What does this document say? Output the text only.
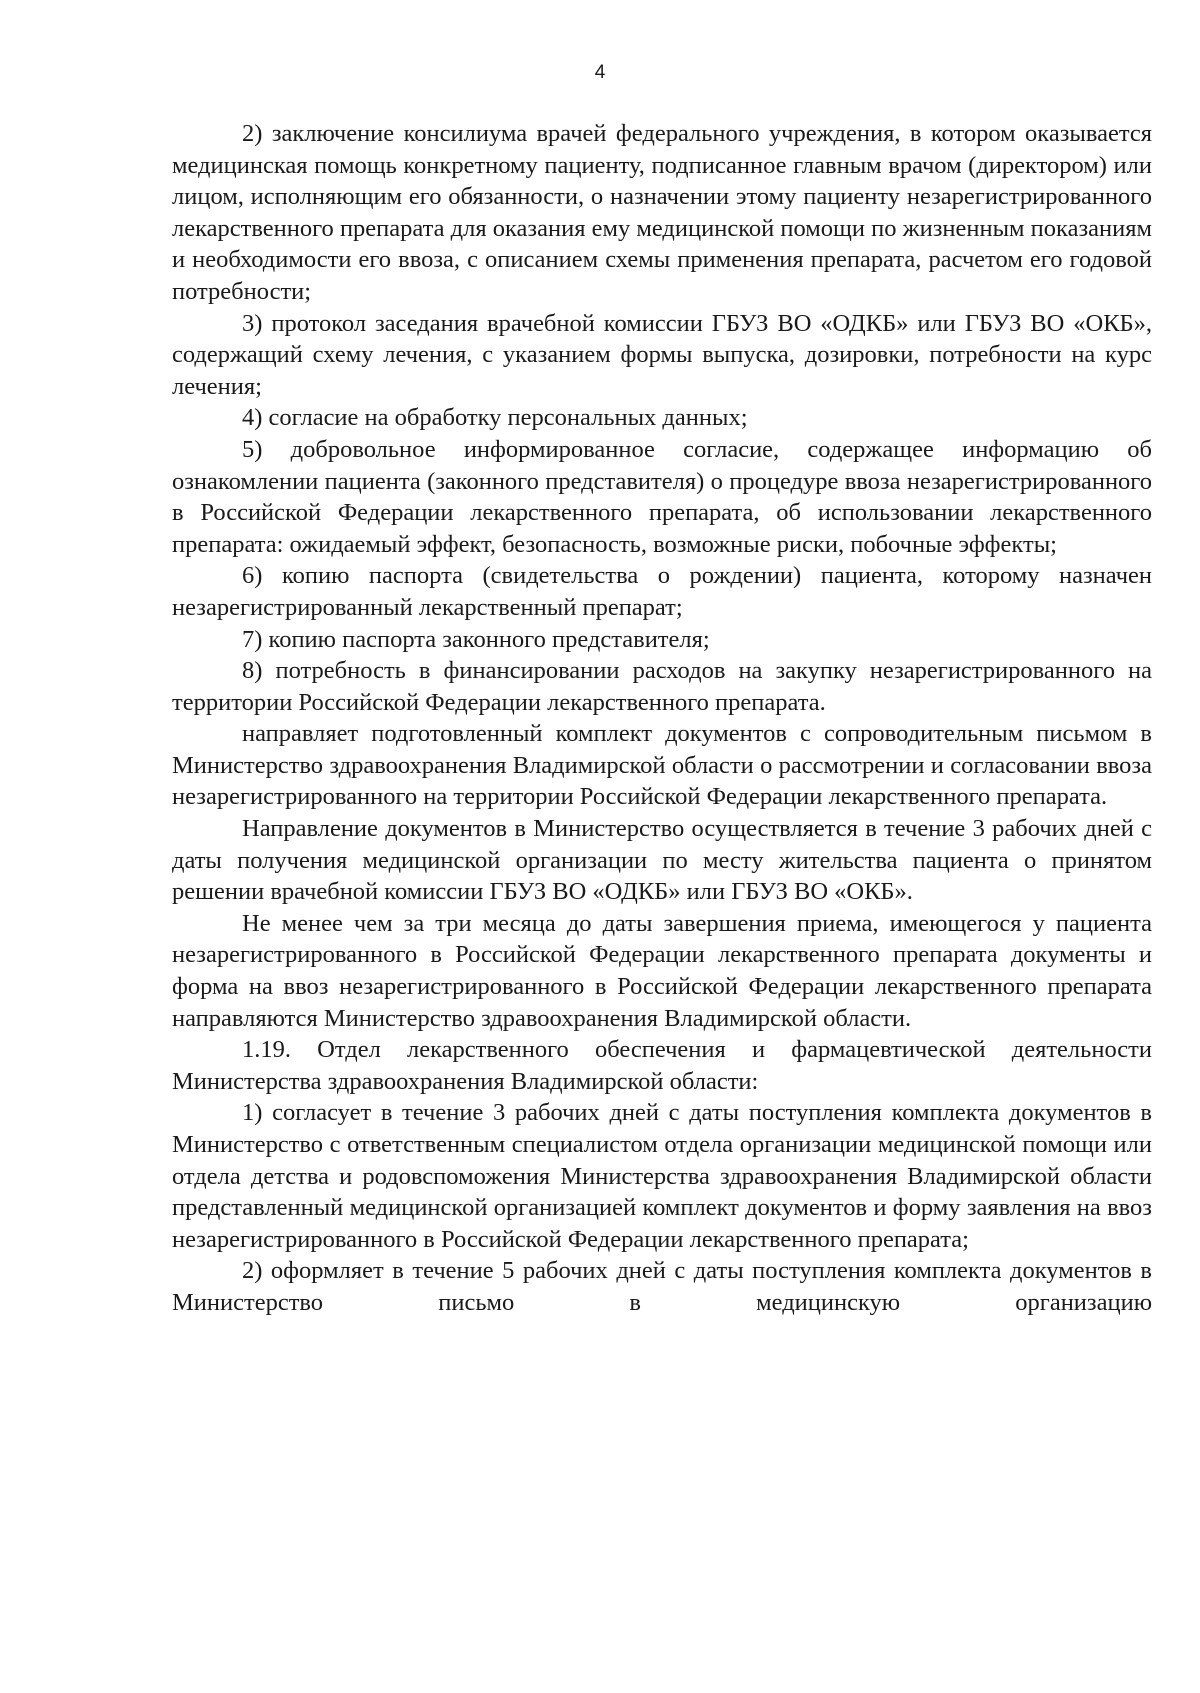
4

2) заключение консилиума врачей федерального учреждения, в котором оказывается медицинская помощь конкретному пациенту, подписанное главным врачом (директором) или лицом, исполняющим его обязанности, о назначении этому пациенту незарегистрированного лекарственного препарата для оказания ему медицинской помощи по жизненным показаниям и необходимости его ввоза, с описанием схемы применения препарата, расчетом его годовой потребности;

3) протокол заседания врачебной комиссии ГБУЗ ВО «ОДКБ» или ГБУЗ ВО «ОКБ», содержащий схему лечения, с указанием формы выпуска, дозировки, потребности на курс лечения;

4) согласие на обработку персональных данных;

5) добровольное информированное согласие, содержащее информацию об ознакомлении пациента (законного представителя) о процедуре ввоза незарегистрированного в Российской Федерации лекарственного препарата, об использовании лекарственного препарата: ожидаемый эффект, безопасность, возможные риски, побочные эффекты;

6) копию паспорта (свидетельства о рождении) пациента, которому назначен незарегистрированный лекарственный препарат;

7) копию паспорта законного представителя;

8) потребность в финансировании расходов на закупку незарегистрированного на территории Российской Федерации лекарственного препарата.

направляет подготовленный комплект документов с сопроводительным письмом в Министерство здравоохранения Владимирской области о рассмотрении и согласовании ввоза незарегистрированного на территории Российской Федерации лекарственного препарата.

Направление документов в Министерство осуществляется в течение 3 рабочих дней с даты получения медицинской организации по месту жительства пациента о принятом решении врачебной комиссии ГБУЗ ВО «ОДКБ» или ГБУЗ ВО «ОКБ».

Не менее чем за три месяца до даты завершения приема, имеющегося у пациента незарегистрированного в Российской Федерации лекарственного препарата документы и форма на ввоз незарегистрированного в Российской Федерации лекарственного препарата направляются Министерство здравоохранения Владимирской области.

1.19. Отдел лекарственного обеспечения и фармацевтической деятельности Министерства здравоохранения Владимирской области:

1) согласует в течение 3 рабочих дней с даты поступления комплекта документов в Министерство с ответственным специалистом отдела организации медицинской помощи или отдела детства и родовспоможения Министерства здравоохранения Владимирской области представленный медицинской организацией комплект документов и форму заявления на ввоз незарегистрированного в Российской Федерации лекарственного препарата;

2) оформляет в течение 5 рабочих дней с даты поступления комплекта документов в Министерство письмо в медицинскую организацию
